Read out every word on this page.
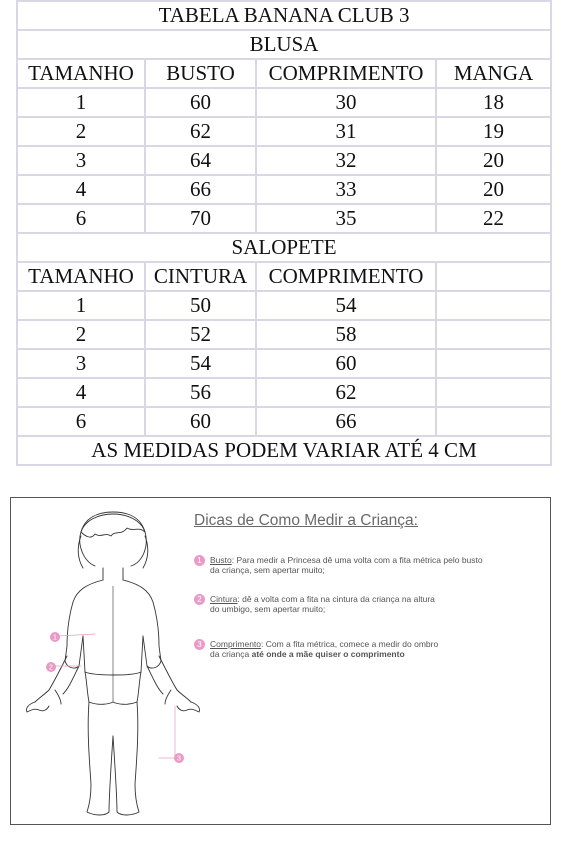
TABELA BANANA CLUB 3			
BLUSA			
TAMANHO	BUSTO	COMPRIMENTO	MANGA
1	60	30	18
2	62	31	19
3	64	32	20
4	66	33	20
6	70	35	22
SALOPETE			
TAMANHO	CINTURA	COMPRIMENTO	
1	50	54	
2	52	58	
3	54	60	
4	56	62	
6	60	66	
AS MEDIDAS PODEM VARIAR ATÉ 4 CM			
1
2
3
Dicas de Como Medir a Criança:
1 Busto: Para medir a Princesa dê uma volta com a fita métrica pelo busto
da criança, sem apertar muito;
2 Cintura: dê a volta com a fita na cintura da criança na altura
do umbigo, sem apertar muito;
3 Comprimento: Com a fita métrica, comece a medir do ombro
da criança até onde a mãe quiser o comprimento
